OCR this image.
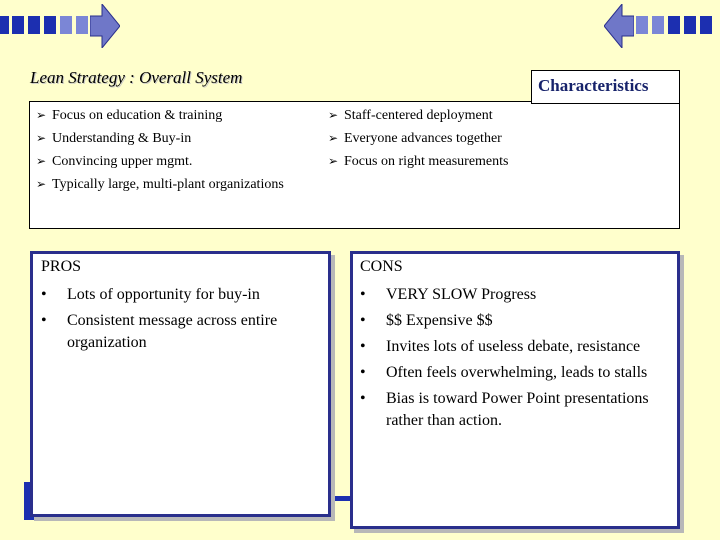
Lean Strategy : Overall System	Characteristics
➢ Focus on education & training
➢ Understanding & Buy-in
➢ Convincing upper mgmt.
➢ Typically large, multi-plant organizations
➢ Staff-centered deployment
➢ Everyone advances together
➢ Focus on right measurements
PROS
• Lots of opportunity for buy-in
• Consistent message across entire organization
CONS
• VERY SLOW Progress
• $$ Expensive $$
• Invites lots of useless debate, resistance
• Often feels overwhelming, leads to stalls
• Bias is toward Power Point presentations rather than action.
